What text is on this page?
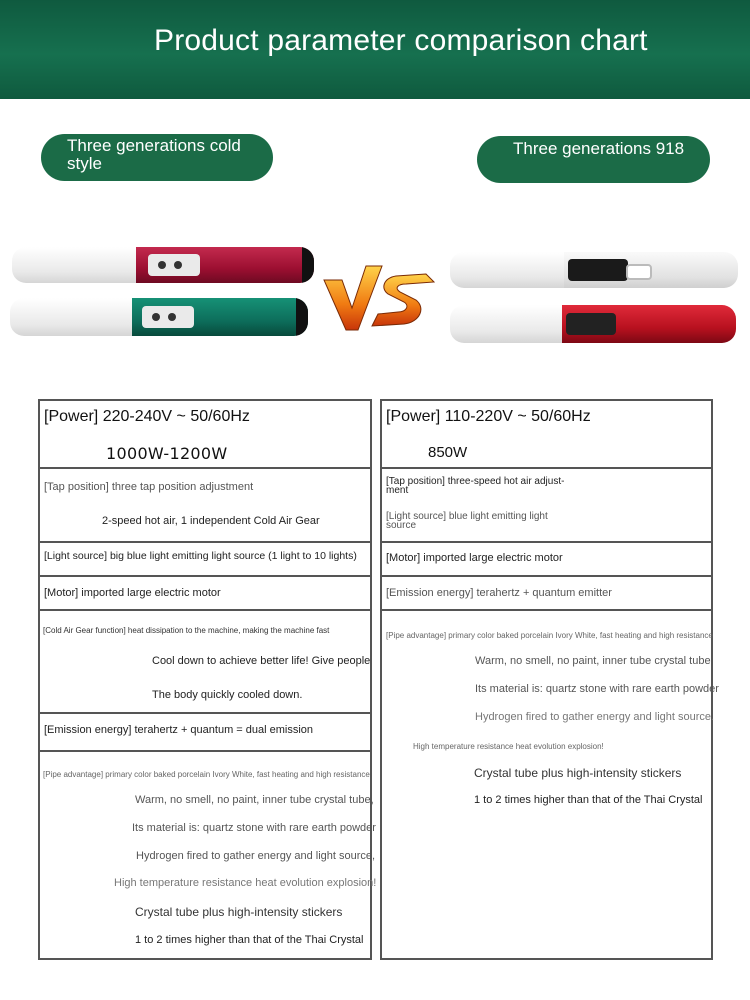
Product parameter comparison chart
Three generations cold style
Three generations 918
[Power] 220-240V ~ 50/60Hz
1000W-1200W
[Tap position] three tap position adjustment
2-speed hot air, 1 independent Cold Air Gear
[Light source] big blue light emitting light source (1 light to 10 lights)
[Motor] imported large electric motor
[Cold Air Gear function] heat dissipation to the machine, making the machine fast
Cool down to achieve better life! Give people
The body quickly cooled down.
[Emission energy] terahertz + quantum = dual emission
[Pipe advantage] primary color baked porcelain Ivory White, fast heating and high resistance
Warm, no smell, no paint, inner tube crystal tube,
Its material is: quartz stone with rare earth powder
Hydrogen fired to gather energy and light source,
High temperature resistance heat evolution explosion!
Crystal tube plus high-intensity stickers
1 to 2 times higher than that of the Thai Crystal
[Power] 110-220V ~ 50/60Hz
850W
[Tap position] three-speed hot air adjust-ment
[Light source] blue light emitting light source
[Motor] imported large electric motor
[Emission energy] terahertz + quantum emitter
[Pipe advantage] primary color baked porcelain Ivory White, fast heating and high resistance
Warm, no smell, no paint, inner tube crystal tube,
Its material is: quartz stone with rare earth powder
Hydrogen fired to gather energy and light source.
High temperature resistance heat evolution explosion!
Crystal tube plus high-intensity stickers
1 to 2 times higher than that of the Thai Crystal
